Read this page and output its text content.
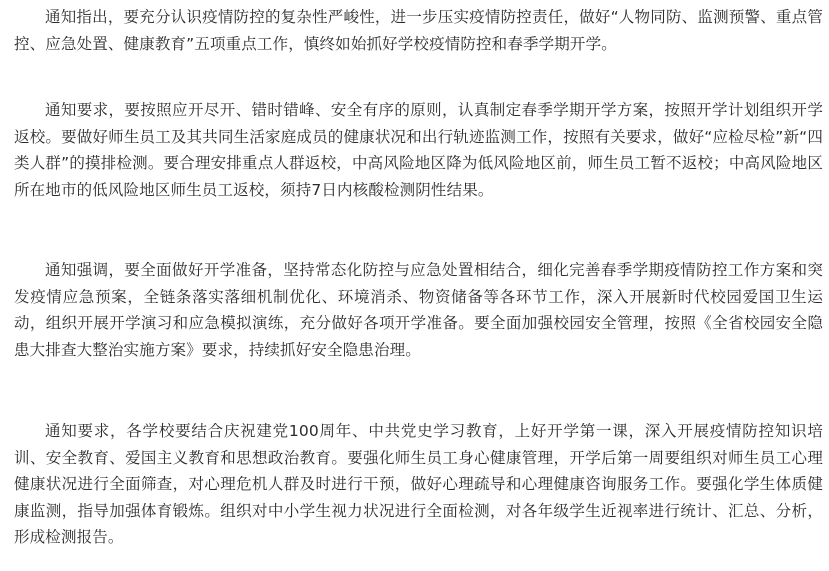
通知指出，要充分认识疫情防控的复杂性严峻性，进一步压实疫情防控责任，做好“人物同防、监测预警、重点管控、应急处置、健康教育”五项重点工作，慎终如始抓好学校疫情防控和春季学期开学。

通知要求，要按照应开尽开、错时错峰、安全有序的原则，认真制定春季学期开学方案，按照开学计划组织开学返校。要做好师生员工及其共同生活家庭成员的健康状况和出行轨迹监测工作，按照有关要求，做好“应检尽检”新“四类人群”的摸排检测。要合理安排重点人群返校，中高风险地区降为低风险地区前，师生员工暂不返校；中高风险地区所在地市的低风险地区师生员工返校，须持7日内核酸检测阴性结果。

通知强调，要全面做好开学准备，坚持常态化防控与应急处置相结合，细化完善春季学期疫情防控工作方案和突发疫情应急预案，全链条落实落细机制优化、环境消杀、物资储备等各环节工作，深入开展新时代校园爱国卫生运动，组织开展开学演习和应急模拟演练，充分做好各项开学准备。要全面加强校园安全管理，按照《全省校园安全隐患大排查大整治实施方案》要求，持续抓好安全隐患治理。

通知要求，各学校要结合庆祝建党100周年、中共党史学习教育，上好开学第一课，深入开展疫情防控知识培训、安全教育、爱国主义教育和思想政治教育。要强化师生员工身心健康管理，开学后第一周要组织对师生员工心理健康状况进行全面筛查，对心理危机人群及时进行干预，做好心理疏导和心理健康咨询服务工作。要强化学生体质健康监测，指导加强体育锻炼。组织对中小学生视力状况进行全面检测，对各年级学生近视率进行统计、汇总、分析，形成检测报告。
